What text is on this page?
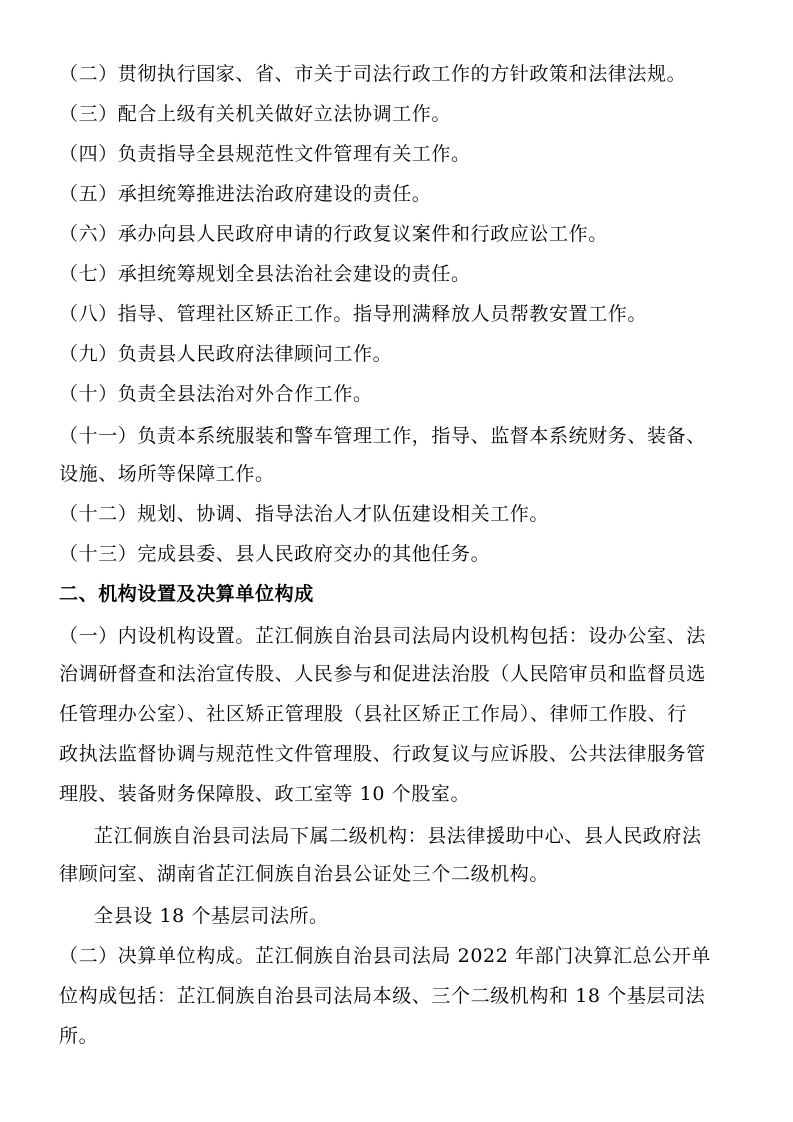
（二）贯彻执行国家、省、市关于司法行政工作的方针政策和法律法规。
（三）配合上级有关机关做好立法协调工作。
（四）负责指导全县规范性文件管理有关工作。
（五）承担统筹推进法治政府建设的责任。
（六）承办向县人民政府申请的行政复议案件和行政应讼工作。
（七）承担统筹规划全县法治社会建设的责任。
（八）指导、管理社区矫正工作。指导刑满释放人员帮教安置工作。
（九）负责县人民政府法律顾问工作。
（十）负责全县法治对外合作工作。
（十一）负责本系统服装和警车管理工作，指导、监督本系统财务、装备、
设施、场所等保障工作。
（十二）规划、协调、指导法治人才队伍建设相关工作。
（十三）完成县委、县人民政府交办的其他任务。
二、机构设置及决算单位构成
（一）内设机构设置。芷江侗族自治县司法局内设机构包括：设办公室、法
治调研督查和法治宣传股、人民参与和促进法治股（人民陪审员和监督员选
任管理办公室）、社区矫正管理股（县社区矫正工作局）、律师工作股、行
政执法监督协调与规范性文件管理股、行政复议与应诉股、公共法律服务管
理股、装备财务保障股、政工室等 10 个股室。
芷江侗族自治县司法局下属二级机构：县法律援助中心、县人民政府法
律顾问室、湖南省芷江侗族自治县公证处三个二级机构。
全县设 18 个基层司法所。
（二）决算单位构成。芷江侗族自治县司法局 2022 年部门决算汇总公开单
位构成包括：芷江侗族自治县司法局本级、三个二级机构和 18 个基层司法
所。
